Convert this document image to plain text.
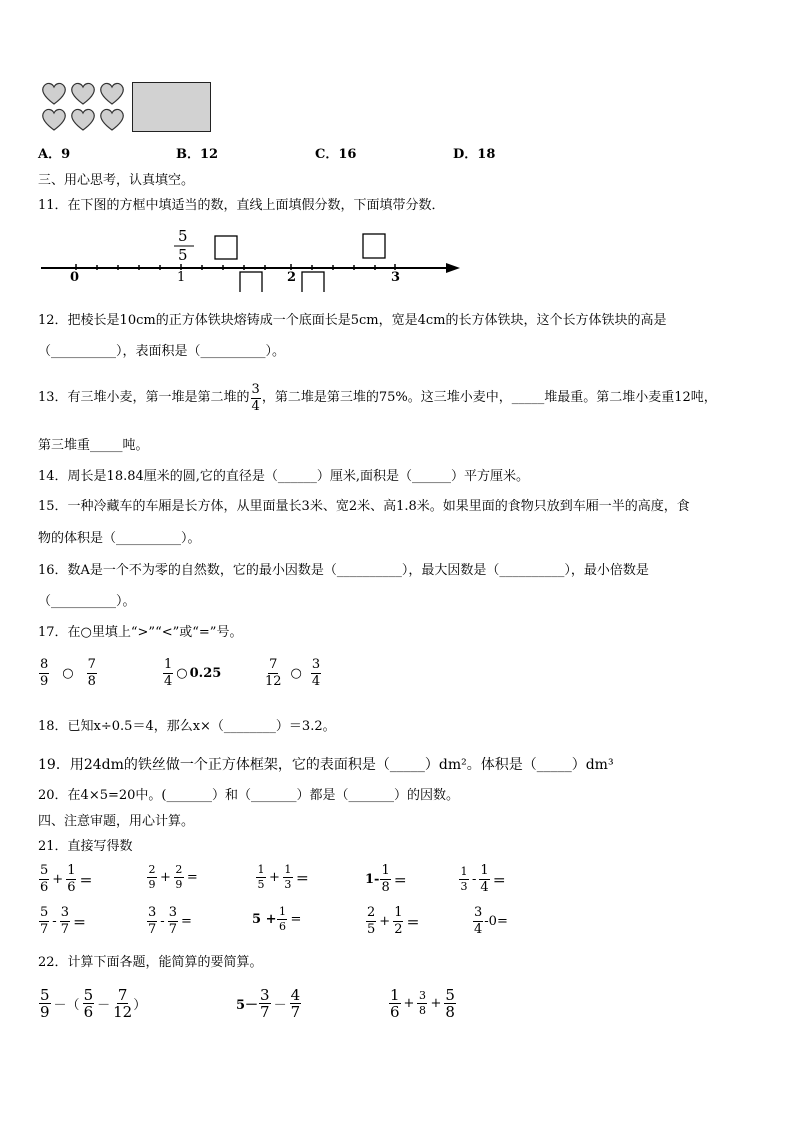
A．9	B．12	C．16	D．18
三、用心思考，认真填空。
11．在下图的方框中填适当的数，直线上面填假分数，下面填带分数．
0	1	2	3
5
5
12．把棱长是10cm的正方体铁块熔铸成一个底面长是5cm，宽是4cm的长方体铁块，这个长方体铁块的高是
（__________），表面积是（__________）。
13．有三堆小麦，第一堆是第二堆的 $\frac{3}{4}$ ，第二堆是第三堆的75%。这三堆小麦中，_____堆最重。第二堆小麦重12吨，
第三堆重_____吨。
14．周长是18.84厘米的圆,它的直径是（______）厘米,面积是（______）平方厘米。
15．一种冷藏车的车厢是长方体，从里面量长3米、宽2米、高1.8米。如果里面的食物只放到车厢一半的高度，食
物的体积是（__________）。
16．数A是一个不为零的自然数，它的最小因数是（__________），最大因数是（__________），最小倍数是
（__________）。
17．在○里填上“>”“<”或“=”号。
$\frac{8}{9}$ ○ $\frac{7}{8}$	$\frac{1}{4}$ ○ 0.25	$\frac{7}{12}$ ○ $\frac{3}{4}$
18．已知x÷0.5＝4，那么x×（________）＝3.2。
19．用24dm的铁丝做一个正方体框架，它的表面积是（_____）dm²。体积是（_____）dm³
20．在4×5=20中。(_______）和（_______）都是（_______）的因数。
四、注意审题，用心计算。
21．直接写得数
$\frac{5}{6} + \frac{1}{6}$ ＝	$\frac{2}{9} + \frac{2}{9}$ =	$\frac{1}{5} + \frac{1}{3}$ ＝	$1- \frac{1}{8}$ ＝	$\frac{1}{3} - \frac{1}{4}$ ＝
$\frac{5}{7} - \frac{3}{7}$ ＝	$\frac{3}{7} - \frac{3}{7}$ =	$5 + \frac{1}{6}$ =	$\frac{2}{5} + \frac{1}{2}$ ＝	$\frac{3}{4} -0=$
22．计算下面各题，能简算的要简算。
$\frac{5}{9}$ －（ $\frac{5}{6} - \frac{7}{12}$ ）	$5- \frac{3}{7} - \frac{4}{7}$	$\frac{1}{6} + \frac{3}{8} + \frac{5}{8}$
